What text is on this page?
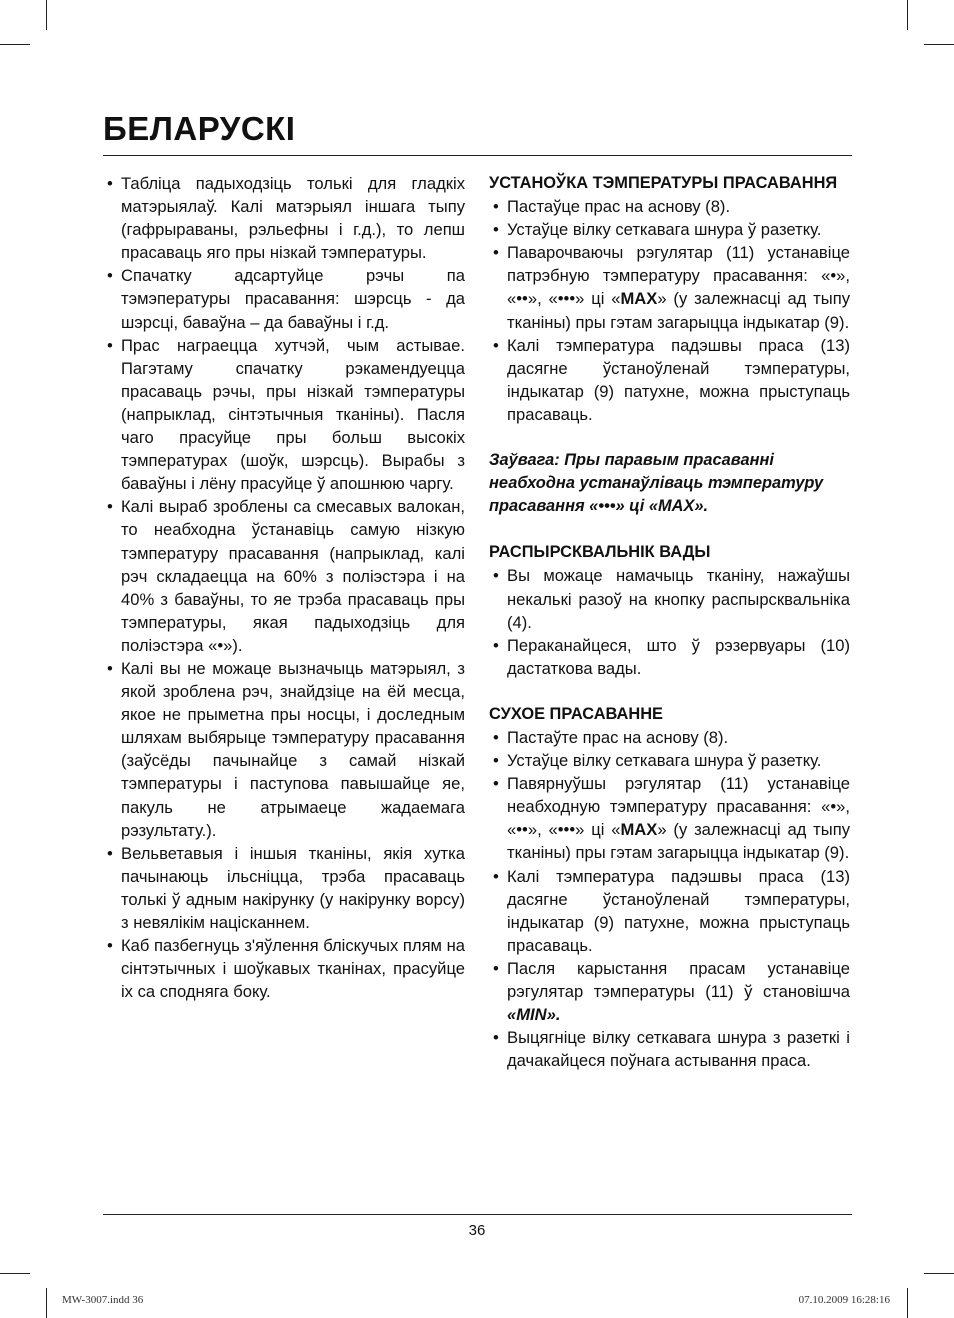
БЕЛАРУСКІ
• Табліца падыходзіць толькі для гладкіх матэрыялаў. Калі матэрыял іншага тыпу (гафрыраваны, рэльефны і г.д.), то лепш прасаваць яго пры нізкай тэмпературы.
• Спачатку адсартуйце рэчы па тэмэпературы прасавання: шэрсць - да шэрсці, баваўна – да баваўны і г.д.
• Прас награецца хутчэй, чым астывае. Пагэтаму спачатку рэкамендуецца прасаваць рэчы, пры нізкай тэмпературы (напрыклад, сінтэтычныя тканіны). Пасля чаго прасуйце пры больш высокіх тэмпературах (шоўк, шэрсць). Вырабы з баваўны і лёну прасуйце ў апошнюю чаргу.
• Калі выраб зроблены са смесавых валокан, то неабходна ўстанавіць самую нізкую тэмпературу прасавання (напрыклад, калі рэч складаецца на 60% з поліэстэра і на 40% з баваўны, то яе трэба прасаваць пры тэмпературы, якая падыходзіць для поліэстэра «•»).
• Калі вы не можаце вызначыць матэрыял, з якой зроблена рэч, знайдзіце на ёй месца, якое не прыметна пры носцы, і доследным шляхам выбярыце тэмпературу прасавання (заўсёды пачынайце з самай нізкай тэмпературы і паступова павышайце яе, пакуль не атрымаеце жадаемага рэзультату.).
• Вельветавыя і іншыя тканіны, якія хутка пачынаюць ільсніцца, трэба прасаваць толькі ў адным накірунку (у накірунку ворсу) з невялікім націсканнем.
• Каб пазбегнуць з'яўлення бліскучых плям на сінтэтычных і шоўкавых тканінах, прасуйце іх са сподняга боку.

УСТАНОЎКА ТЭМПЕРАТУРЫ ПРАСАВАННЯ

• Пастаўце прас на аснову (8).
• Устаўце вілку сеткавага шнура ў разетку.
• Паварочваючы рэгулятар (11) устанавіце патрэбную тэмпературу прасавання: «•», «••», «•••» ці «MAX» (у залежнасці ад тыпу тканіны) пры гэтам загарыцца індыкатар (9).
• Калі тэмпература падэшвы праса (13) дасягне ўстаноўленай тэмпературы, індыкатар (9) патухне, можна прыступаць прасаваць.

Заўвага: Пры паравым прасаванні неабходна устанаўліваць тэмпературу прасавання «•••» ці «MAX».

РАСПЫРСКВАЛЬНІК ВАДЫ

• Вы можаце намачыць тканіну, нажаўшы некалькі разоў на кнопку распырсквальніка (4).
• Пераканайцеся, што ў рэзервуары (10) дастаткова вады.

СУХОЕ ПРАСАВАННЕ

• Пастаўте прас на аснову (8).
• Устаўце вілку сеткавага шнура ў разетку.
• Павярнуўшы рэгулятар (11) устанавіце неабходную тэмпературу прасавання: «•», «••», «•••» ці «MAX» (у залежнасці ад тыпу тканіны) пры гэтам загарыцца індыкатар (9).
• Калі тэмпература падэшвы праса (13) дасягне ўстаноўленай тэмпературы, індыкатар (9) патухне, можна прыступаць прасаваць.
• Пасля карыстання прасам устанавіце рэгулятар тэмпературы (11) ў становішча «MIN».
• Выцягніце вілку сеткавага шнура з разеткі і дачакайцеся поўнага астывання праса.
36
MW-3007.indd 36	07.10.2009 16:28:16
